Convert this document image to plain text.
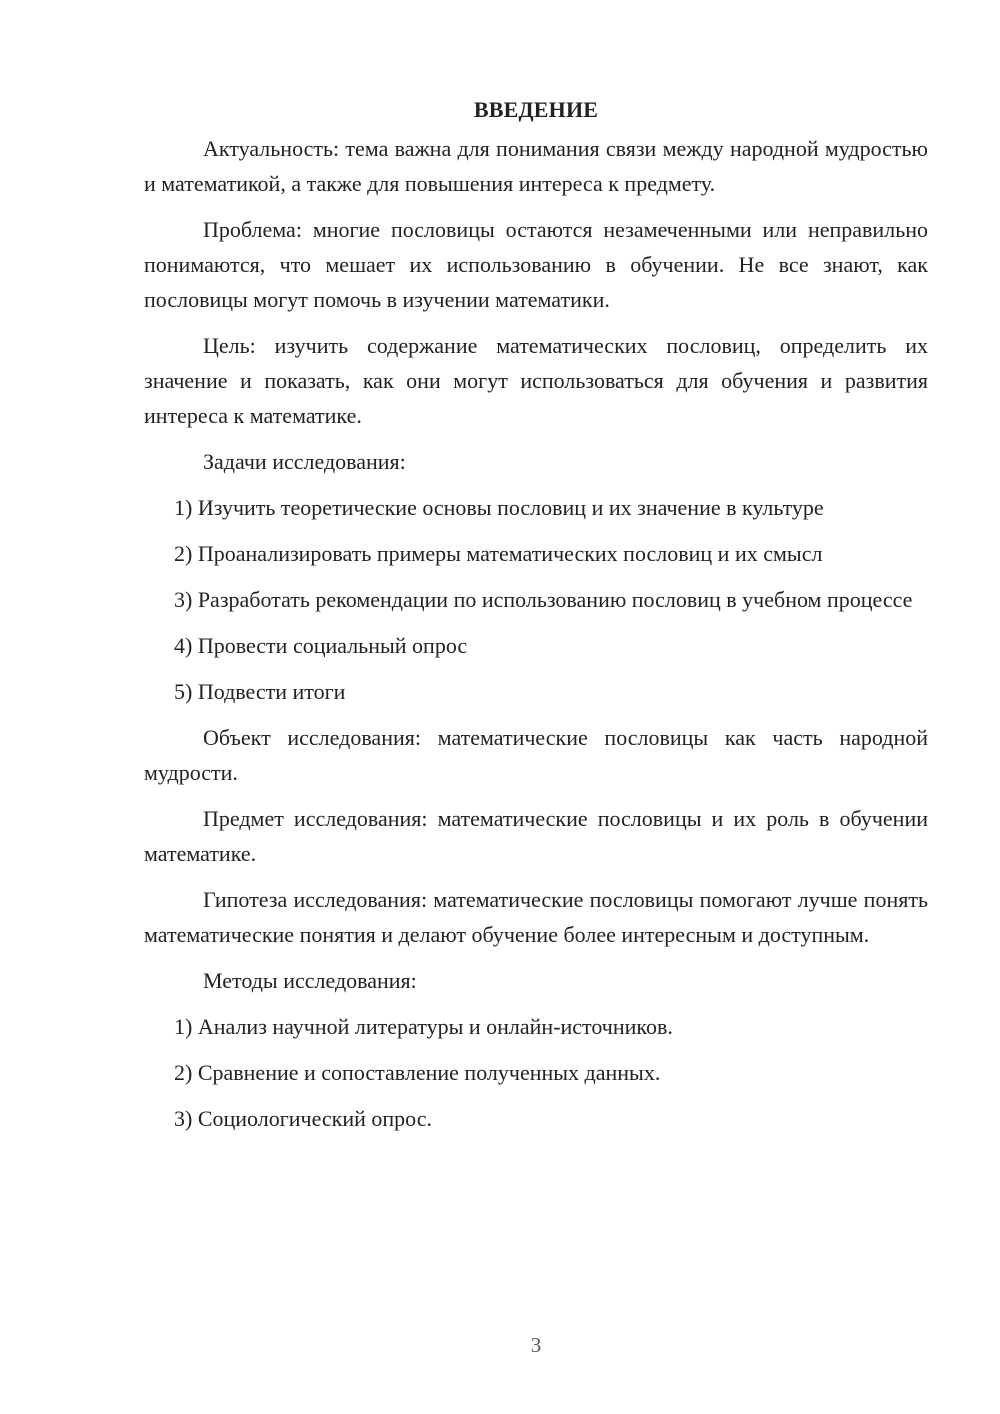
ВВЕДЕНИЕ

Актуальность: тема важна для понимания связи между народной мудростью и математикой, а также для повышения интереса к предмету.

Проблема: многие пословицы остаются незамеченными или неправильно понимаются, что мешает их использованию в обучении. Не все знают, как пословицы могут помочь в изучении математики.

Цель: изучить содержание математических пословиц, определить их значение и показать, как они могут использоваться для обучения и развития интереса к математике.

Задачи исследования:

1) Изучить теоретические основы пословиц и их значение в культуре

2) Проанализировать примеры математических пословиц и их смысл

3) Разработать рекомендации по использованию пословиц в учебном процессе

4) Провести социальный опрос

5) Подвести итоги

Объект исследования: математические пословицы как часть народной мудрости.

Предмет исследования: математические пословицы и их роль в обучении математике.

Гипотеза исследования: математические пословицы помогают лучше понять математические понятия и делают обучение более интересным и доступным.

Методы исследования:

1) Анализ научной литературы и онлайн-источников.

2) Сравнение и сопоставление полученных данных.

3) Социологический опрос.

3
